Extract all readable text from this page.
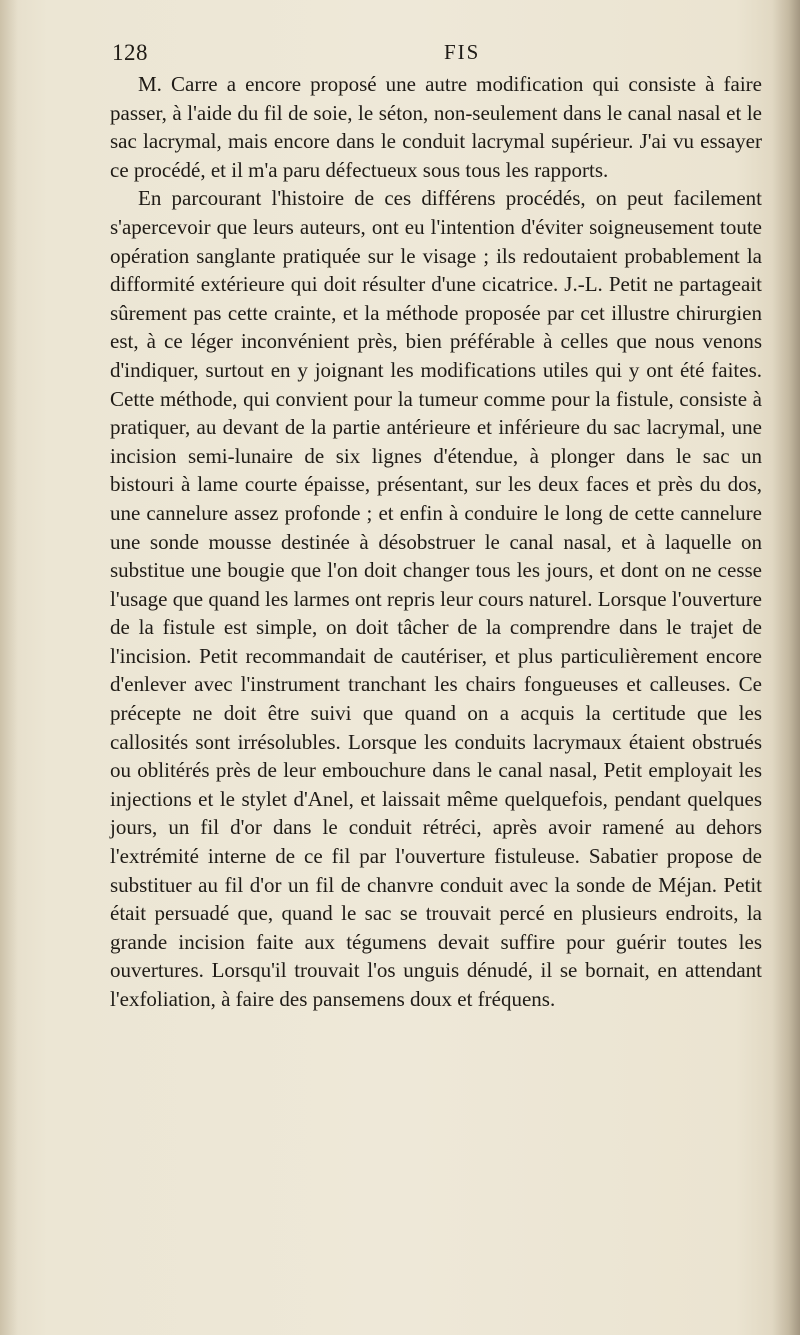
128	FIS

M. Carre a encore proposé une autre modification qui consiste à faire passer, à l'aide du fil de soie, le séton, non-seulement dans le canal nasal et le sac lacrymal, mais encore dans le conduit lacrymal supérieur. J'ai vu essayer ce procédé, et il m'a paru défectueux sous tous les rapports.

En parcourant l'histoire de ces différens procédés, on peut facilement s'apercevoir que leurs auteurs, ont eu l'intention d'éviter soigneusement toute opération sanglante pratiquée sur le visage ; ils redoutaient probablement la difformité extérieure qui doit résulter d'une cicatrice. J.-L. Petit ne partageait sûrement pas cette crainte, et la méthode proposée par cet illustre chirurgien est, à ce léger inconvénient près, bien préférable à celles que nous venons d'indiquer, surtout en y joignant les modifications utiles qui y ont été faites. Cette méthode, qui convient pour la tumeur comme pour la fistule, consiste à pratiquer, au devant de la partie antérieure et inférieure du sac lacrymal, une incision semi-lunaire de six lignes d'étendue, à plonger dans le sac un bistouri à lame courte épaisse, présentant, sur les deux faces et près du dos, une cannelure assez profonde ; et enfin à conduire le long de cette cannelure une sonde mousse destinée à désobstruer le canal nasal, et à laquelle on substitue une bougie que l'on doit changer tous les jours, et dont on ne cesse l'usage que quand les larmes ont repris leur cours naturel. Lorsque l'ouverture de la fistule est simple, on doit tâcher de la comprendre dans le trajet de l'incision. Petit recommandait de cautériser, et plus particulièrement encore d'enlever avec l'instrument tranchant les chairs fongueuses et calleuses. Ce précepte ne doit être suivi que quand on a acquis la certitude que les callosités sont irrésolubles. Lorsque les conduits lacrymaux étaient obstrués ou oblitérés près de leur embouchure dans le canal nasal, Petit employait les injections et le stylet d'Anel, et laissait même quelquefois, pendant quelques jours, un fil d'or dans le conduit rétréci, après avoir ramené au dehors l'extrémité interne de ce fil par l'ouverture fistuleuse. Sabatier propose de substituer au fil d'or un fil de chanvre conduit avec la sonde de Méjan. Petit était persuadé que, quand le sac se trouvait percé en plusieurs endroits, la grande incision faite aux tégumens devait suffire pour guérir toutes les ouvertures. Lorsqu'il trouvait l'os unguis dénudé, il se bornait, en attendant l'exfoliation, à faire des pansemens doux et fréquens.
